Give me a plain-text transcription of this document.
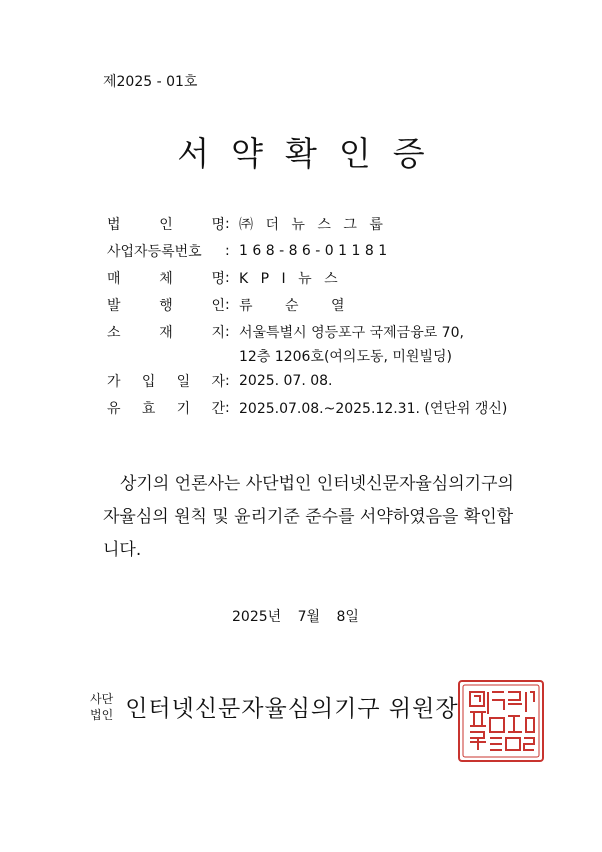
제2025 - 01호
서약확인증
법	인	명 : ㈜ 더 뉴 스 그 룹
사업자등록번호 : 1 6 8 - 8 6 - 0 1 1 8 1
매	체	명 : K P I 뉴 스
발	행	인 : 류 순 열
소	재	지 : 서울특별시 영등포구 국제금융로 70,
12층 1206호(여의도동, 미원빌딩)
가 입 일 자 : 2025. 07. 08.
유 효 기 간 : 2025.07.08.~2025.12.31. (연단위 갱신)

상기의 언론사는 사단법인 인터넷신문자율심의기구의 자율심의 원칙 및 윤리기준 준수를 서약하였음을 확인합니다.

2025년 7월 8일
사단
법인 인터넷신문자율심의기구 위원장
